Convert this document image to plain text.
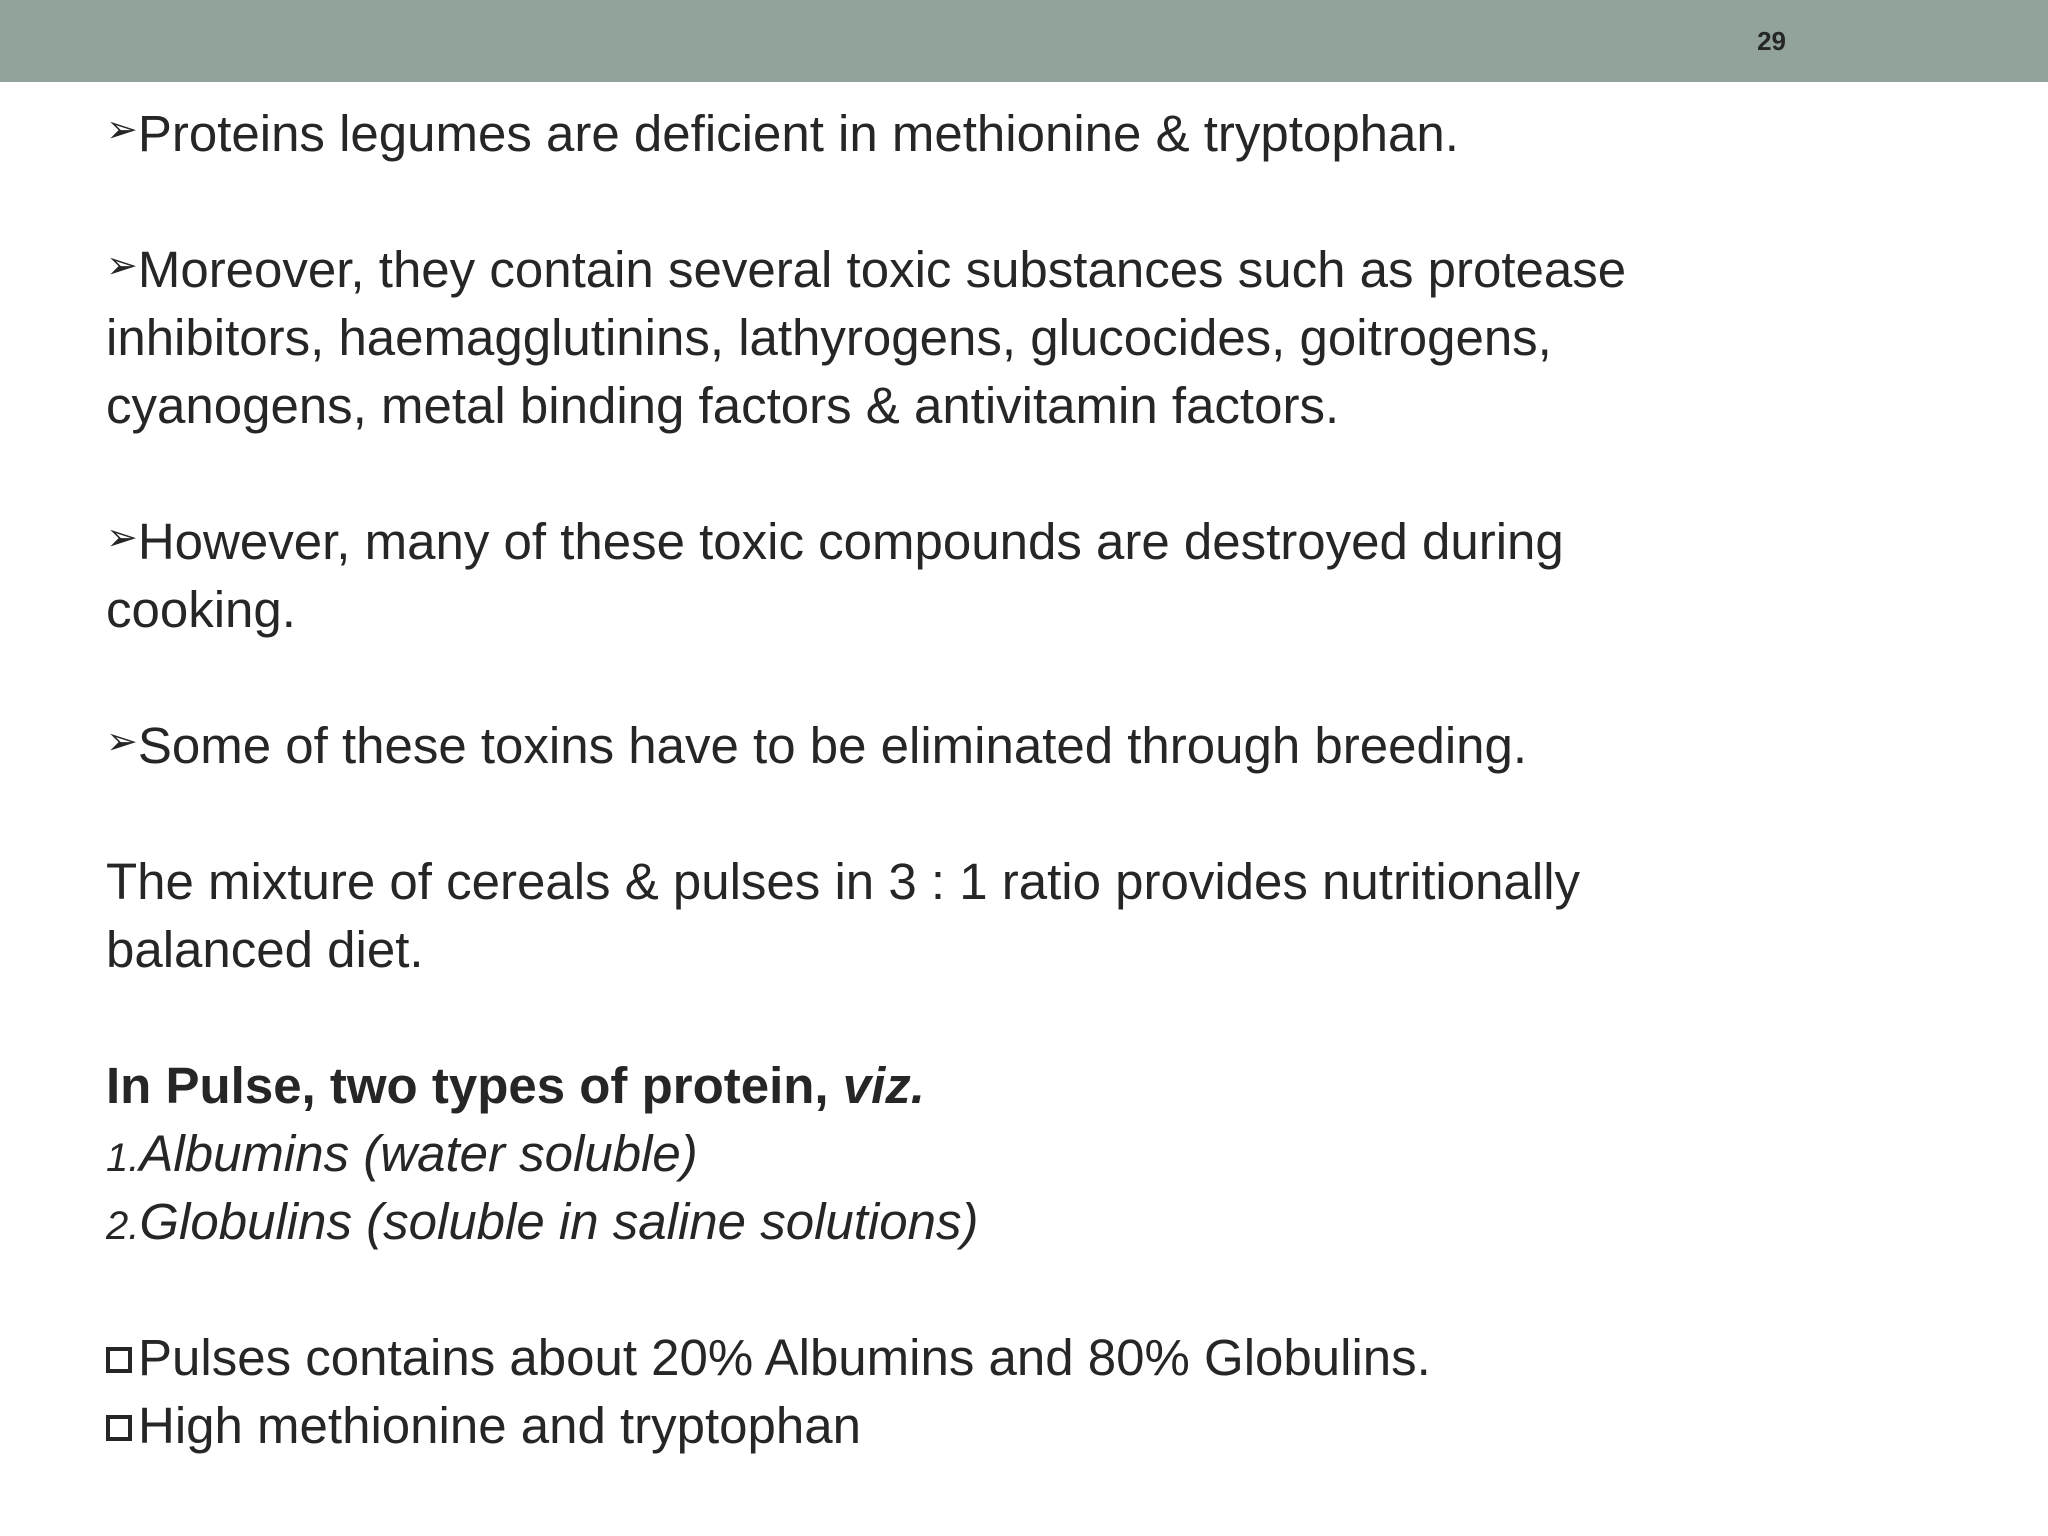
29
➢Proteins legumes are deficient in methionine & tryptophan.
➢Moreover, they contain several toxic substances such as protease
inhibitors, haemagglutinins, lathyrogens, glucocides, goitrogens,
cyanogens, metal binding factors & antivitamin factors.
➢However, many of these toxic compounds are destroyed during
cooking.
➢Some of these toxins have to be eliminated through breeding.
The mixture of cereals & pulses in 3 : 1 ratio provides nutritionally
balanced diet.
In Pulse, two types of protein, viz.
1.Albumins (water soluble)
2.Globulins (soluble in saline solutions)
Pulses contains about 20% Albumins and 80% Globulins.
High methionine and tryptophan
